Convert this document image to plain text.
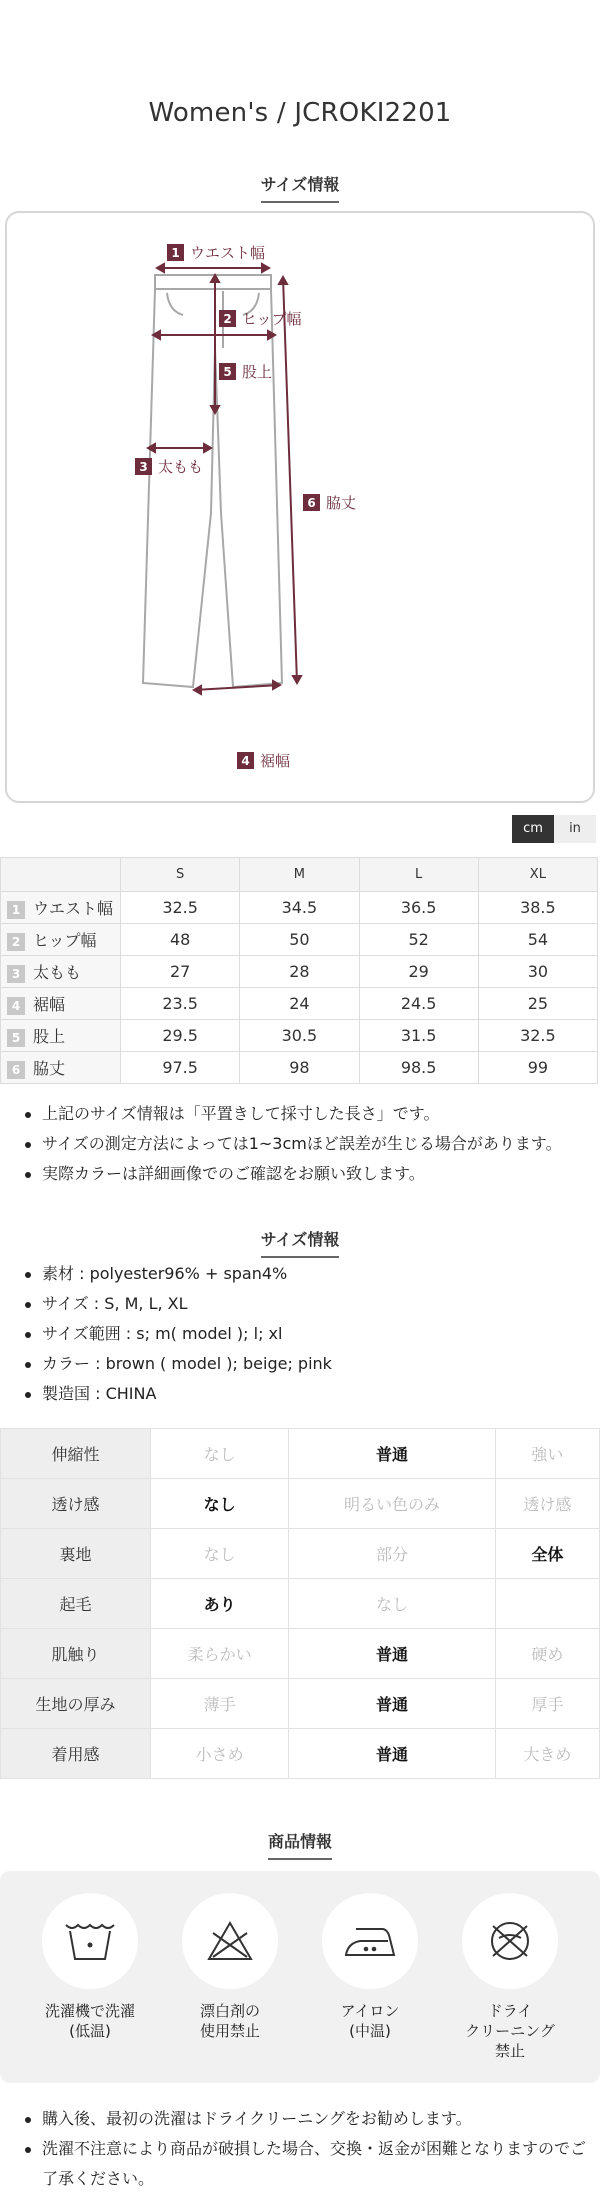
Women's / JCROKI2201
サイズ情報
1 ウエスト幅
2 ヒップ幅
3 太もも
4 裾幅
5 股上
6 脇丈
cm	in
	S	M	L	XL
1 ウエスト幅	32.5	34.5	36.5	38.5
2 ヒップ幅	48	50	52	54
3 太もも	27	28	29	30
4 裾幅	23.5	24	24.5	25
5 股上	29.5	30.5	31.5	32.5
6 脇丈	97.5	98	98.5	99
上記のサイズ情報は「平置きして採寸した長さ」です。
サイズの測定方法によっては1~3cmほど誤差が生じる場合があります。
実際カラーは詳細画像でのご確認をお願い致します。
サイズ情報
素材 : polyester96% + span4%
サイズ : S, M, L, XL
サイズ範囲 : s; m( model ); l; xl
カラー : brown ( model ); beige; pink
製造国 : CHINA
伸縮性	なし	普通	強い
透け感	なし	明るい色のみ	透け感
裏地	なし	部分	全体
起毛	あり	なし	
肌触り	柔らかい	普通	硬め
生地の厚み	薄手	普通	厚手
着用感	小さめ	普通	大きめ
商品情報
洗濯機で洗濯
(低温)
漂白剤の
使用禁止
アイロン
(中温)
ドライ
クリーニング
禁止
購入後、最初の洗濯はドライクリーニングをお勧めします。
洗濯不注意により商品が破損した場合、交換・返金が困難となりますのでご了承ください。
